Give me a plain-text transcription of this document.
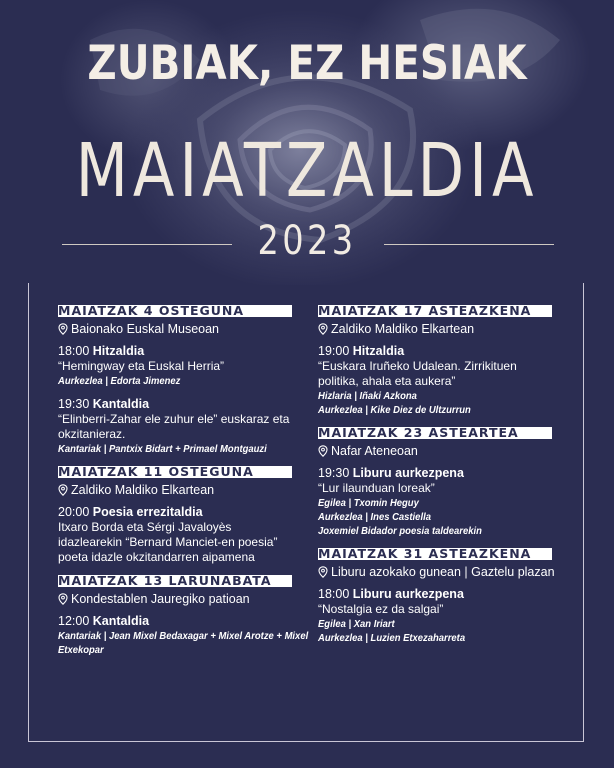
ZUBIAK, EZ HESIAK
MAIATZALDIA
2023
MAIATZAK 4 OSTEGUNA
Baionako Euskal Museoan
18:00 Hitzaldia
“Hemingway eta Euskal Herria”
Aurkezlea | Edorta Jimenez
19:30 Kantaldia
“Elinberri-Zahar ele zuhur ele” euskaraz eta okzitanieraz.
Kantariak | Pantxix Bidart + Primael Montgauzi
MAIATZAK 11 OSTEGUNA
Zaldiko Maldiko Elkartean
20:00 Poesia errezitaldia
Itxaro Borda eta Sérgi Javaloyès idazlearekin “Bernard Manciet-en poesia” poeta idazle okzitandarren aipamena
MAIATZAK 13 LARUNABATA
Kondestablen Jauregiko patioan
12:00 Kantaldia
Kantariak | Jean Mixel Bedaxagar + Mixel Arotze + Mixel
Etxekopar
MAIATZAK 17 ASTEAZKENA
Zaldiko Maldiko Elkartean
19:00 Hitzaldia
“Euskara Iruñeko Udalean. Zirrikituen politika, ahala eta aukera”
Hizlaria | Iñaki Azkona
Aurkezlea | Kike Diez de Ultzurrun
MAIATZAK 23 ASTEARTEA
Nafar Ateneoan
19:30 Liburu aurkezpena
“Lur ilaunduan loreak”
Egilea | Txomin Heguy
Aurkezlea | Ines Castiella
Joxemiel Bidador poesia taldearekin
MAIATZAK 31 ASTEAZKENA
Liburu azokako gunean | Gaztelu plazan
18:00 Liburu aurkezpena
“Nostalgia ez da salgai”
Egilea | Xan Iriart
Aurkezlea | Luzien Etxezaharreta
